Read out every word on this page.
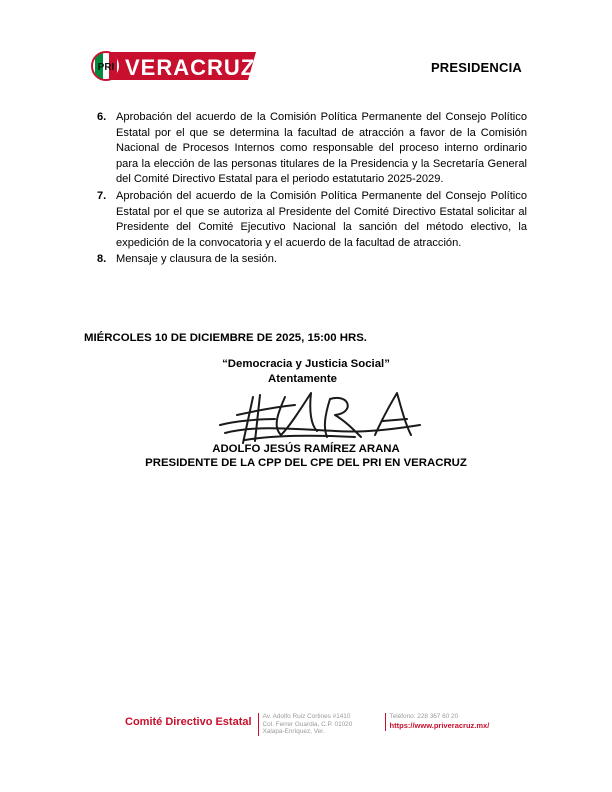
PRI VERACRUZ	PRESIDENCIA
6. Aprobación del acuerdo de la Comisión Política Permanente del Consejo Político Estatal por el que se determina la facultad de atracción a favor de la Comisión Nacional de Procesos Internos como responsable del proceso interno ordinario para la elección de las personas titulares de la Presidencia y la Secretaría General del Comité Directivo Estatal para el periodo estatutario 2025-2029.
7. Aprobación del acuerdo de la Comisión Política Permanente del Consejo Político Estatal por el que se autoriza al Presidente del Comité Directivo Estatal solicitar al Presidente del Comité Ejecutivo Nacional la sanción del método electivo, la expedición de la convocatoria y el acuerdo de la facultad de atracción.
8. Mensaje y clausura de la sesión.
MIÉRCOLES 10 DE DICIEMBRE DE 2025, 15:00 HRS.
“Democracia y Justicia Social”
Atentamente
ADOLFO JESÚS RAMÍREZ ARANA
PRESIDENTE DE LA CPP DEL CPE DEL PRI EN VERACRUZ
Comité Directivo Estatal	Av. Adolfo Ruiz Cortines #1410
Col. Ferrer Guardia, C.P. 01020
Xalapa-Enríquez, Ver.
Teléfono: 228 367 60 20
https://www.priveracruz.mx/
